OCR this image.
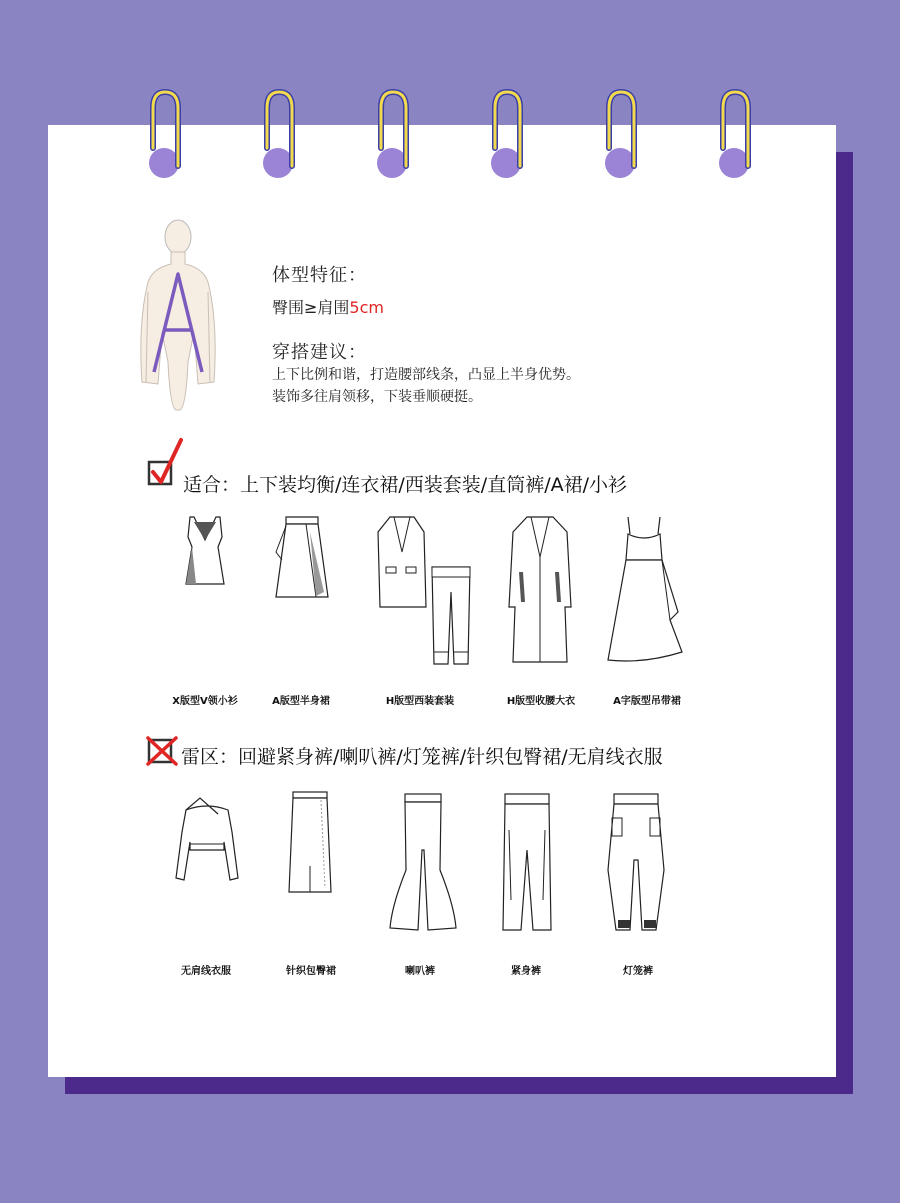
体型特征：
臀围≥肩围5cm
穿搭建议：
上下比例和谐，打造腰部线条，凸显上半身优势。
装饰多往肩领移，下装垂顺硬挺。
适合：上下装均衡/连衣裙/西装套装/直筒裤/A裙/小衫
X版型V领小衫	A版型半身裙	H版型西装套装	H版型收腰大衣	A字版型吊带裙
雷区：回避紧身裤/喇叭裤/灯笼裤/针织包臀裙/无肩线衣服
无肩线衣服	针织包臀裙	喇叭裤	紧身裤	灯笼裤
